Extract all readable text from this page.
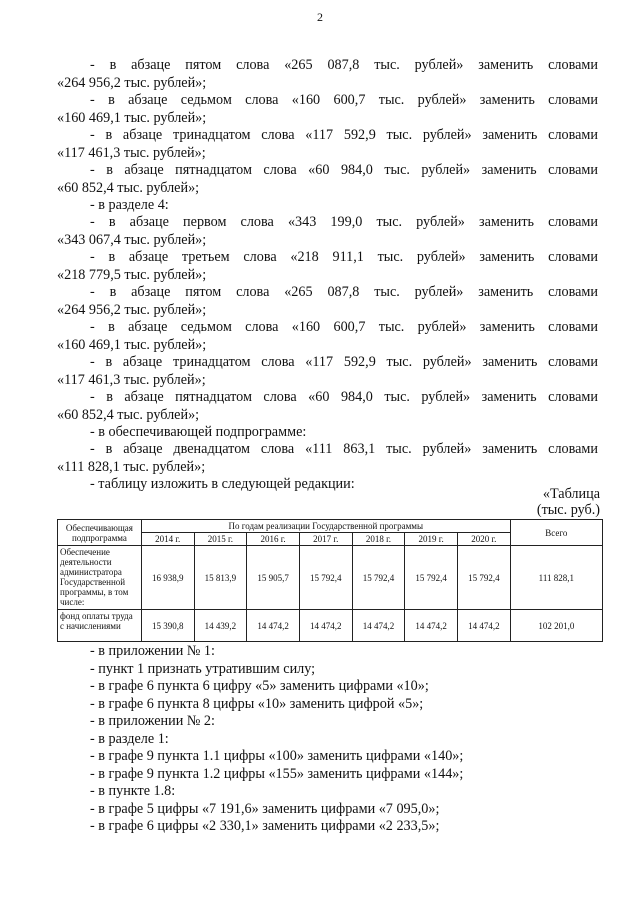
2
- в абзаце пятом слова «265 087,8 тыс. рублей» заменить словами
«264 956,2 тыс. рублей»;
- в абзаце седьмом слова «160 600,7 тыс. рублей» заменить словами
«160 469,1 тыс. рублей»;
- в абзаце тринадцатом слова «117 592,9 тыс. рублей» заменить словами
«117 461,3 тыс. рублей»;
- в абзаце пятнадцатом слова «60 984,0 тыс. рублей» заменить словами
«60 852,4 тыс. рублей»;
- в разделе 4:
- в абзаце первом слова «343 199,0 тыс. рублей» заменить словами
«343 067,4 тыс. рублей»;
- в абзаце третьем слова «218 911,1 тыс. рублей» заменить словами
«218 779,5 тыс. рублей»;
- в абзаце пятом слова «265 087,8 тыс. рублей» заменить словами
«264 956,2 тыс. рублей»;
- в абзаце седьмом слова «160 600,7 тыс. рублей» заменить словами
«160 469,1 тыс. рублей»;
- в абзаце тринадцатом слова «117 592,9 тыс. рублей» заменить словами
«117 461,3 тыс. рублей»;
- в абзаце пятнадцатом слова «60 984,0 тыс. рублей» заменить словами
«60 852,4 тыс. рублей»;
- в обеспечивающей подпрограмме:
- в абзаце двенадцатом слова «111 863,1 тыс. рублей» заменить словами
«111 828,1 тыс. рублей»;
- таблицу изложить в следующей редакции:
«Таблица
(тыс. руб.)
Обеспечивающая подпрограмма	По годам реализации Государственной программы							Всего
	2014 г.	2015 г.	2016 г.	2017 г.	2018 г.	2019 г.	2020 г.	
Обеспечение деятельности администратора Государственной программы, в том числе:	16 938,9	15 813,9	15 905,7	15 792,4	15 792,4	15 792,4	15 792,4	111 828,1
фонд оплаты труда с начислениями	15 390,8	14 439,2	14 474,2	14 474,2	14 474,2	14 474,2	14 474,2	102 201,0
- в приложении № 1:
- пункт 1 признать утратившим силу;
- в графе 6 пункта 6 цифру «5» заменить цифрами «10»;
- в графе 6 пункта 8 цифры «10» заменить цифрой «5»;
- в приложении № 2:
- в разделе 1:
- в графе 9 пункта 1.1 цифры «100» заменить цифрами «140»;
- в графе 9 пункта 1.2 цифры «155» заменить цифрами «144»;
- в пункте 1.8:
- в графе 5 цифры «7 191,6» заменить цифрами «7 095,0»;
- в графе 6 цифры «2 330,1» заменить цифрами «2 233,5»;
